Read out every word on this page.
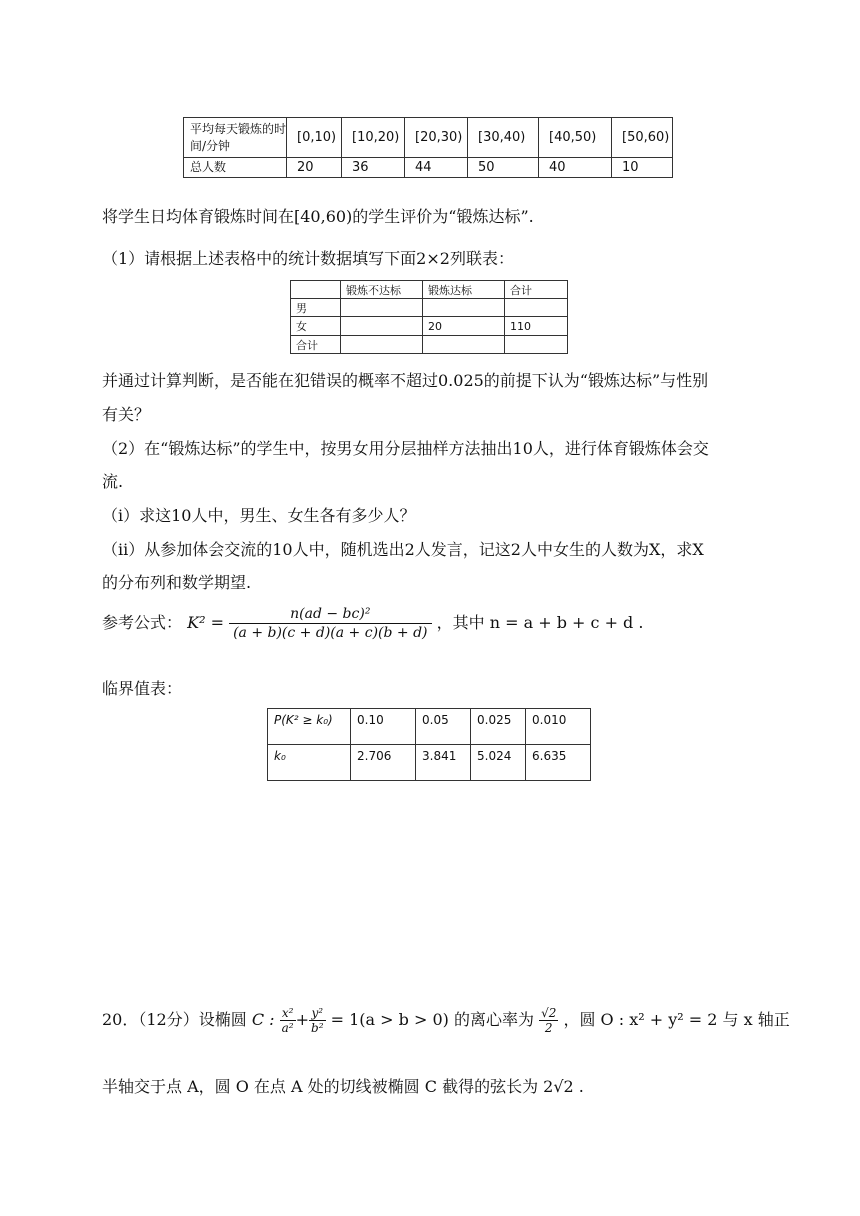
平均每天锻炼的时间/分钟	[0,10)	[10,20)	[20,30)	[30,40)	[40,50)	[50,60)
总人数	20	36	44	50	40	10
将学生日均体育锻炼时间在[40,60)的学生评价为“锻炼达标”.
（1）请根据上述表格中的统计数据填写下面2×2列联表：
	锻炼不达标	锻炼达标	合计
男			
女		20	110
合计			
并通过计算判断，是否能在犯错误的概率不超过0.025的前提下认为“锻炼达标”与性别
有关？
（2）在“锻炼达标”的学生中，按男女用分层抽样方法抽出10人，进行体育锻炼体会交
流.
（i）求这10人中，男生、女生各有多少人？
（ii）从参加体会交流的10人中，随机选出2人发言，记这2人中女生的人数为X，求X
的分布列和数学期望.
参考公式： $K^2 = \frac{\text{n(ad − bc)²}}{(a + b)(c + d)(a + c)(b + d)}$ ，其中 n = a + b + c + d .
临界值表：
P(K² ≥ k₀)	0.10	0.05	0.025	0.010
k₀	2.706	3.841	5.024	6.635
20．（12分）设椭圆 C : $\frac{\text{x²}}{\text{a²}} + \frac{\text{y²}}{\text{b²}} = 1(a > b > 0)$ 的离心率为 $\frac{√2}{2}$ ，圆 O : x² + y² = 2 与 x 轴正
半轴交于点 A，圆 O 在点 A 处的切线被椭圆 C 截得的弦长为 2√2 .
